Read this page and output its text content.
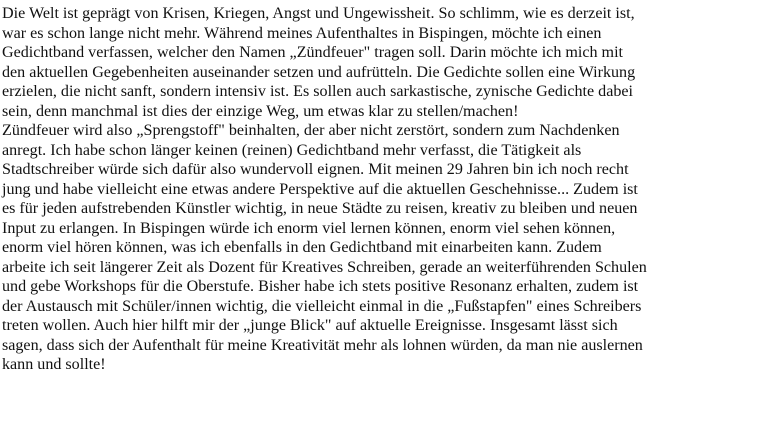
Die Welt ist geprägt von Krisen, Kriegen, Angst und Ungewissheit. So schlimm, wie es derzeit ist,
war es schon lange nicht mehr. Während meines Aufenthaltes in Bispingen, möchte ich einen
Gedichtband verfassen, welcher den Namen „Zündfeuer" tragen soll. Darin möchte ich mich mit
den aktuellen Gegebenheiten auseinander setzen und aufrütteln. Die Gedichte sollen eine Wirkung
erzielen, die nicht sanft, sondern intensiv ist. Es sollen auch sarkastische, zynische Gedichte dabei
sein, denn manchmal ist dies der einzige Weg, um etwas klar zu stellen/machen!
Zündfeuer wird also „Sprengstoff" beinhalten, der aber nicht zerstört, sondern zum Nachdenken
anregt. Ich habe schon länger keinen (reinen) Gedichtband mehr verfasst, die Tätigkeit als
Stadtschreiber würde sich dafür also wundervoll eignen. Mit meinen 29 Jahren bin ich noch recht
jung und habe vielleicht eine etwas andere Perspektive auf die aktuellen Geschehnisse... Zudem ist
es für jeden aufstrebenden Künstler wichtig, in neue Städte zu reisen, kreativ zu bleiben und neuen
Input zu erlangen. In Bispingen würde ich enorm viel lernen können, enorm viel sehen können,
enorm viel hören können, was ich ebenfalls in den Gedichtband mit einarbeiten kann. Zudem
arbeite ich seit längerer Zeit als Dozent für Kreatives Schreiben, gerade an weiterführenden Schulen
und gebe Workshops für die Oberstufe. Bisher habe ich stets positive Resonanz erhalten, zudem ist
der Austausch mit Schüler/innen wichtig, die vielleicht einmal in die „Fußstapfen" eines Schreibers
treten wollen. Auch hier hilft mir der „junge Blick" auf aktuelle Ereignisse. Insgesamt lässt sich
sagen, dass sich der Aufenthalt für meine Kreativität mehr als lohnen würden, da man nie auslernen
kann und sollte!
